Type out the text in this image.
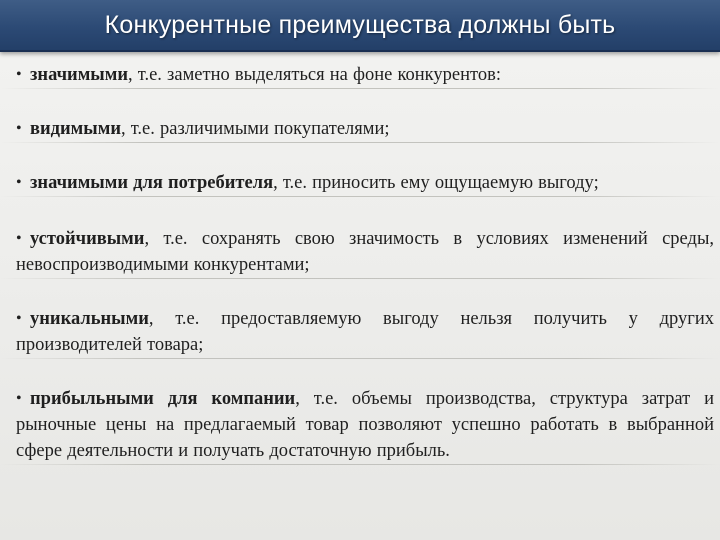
Конкурентные преимущества должны быть
• значимыми, т.е. заметно выделяться на фоне конкурентов:
• видимыми, т.е. различимыми покупателями;
• значимыми для потребителя, т.е. приносить ему ощущаемую выгоду;
• устойчивыми, т.е. сохранять свою значимость в условиях изменений среды, невоспроизводимыми конкурентами;
• уникальными, т.е. предоставляемую выгоду нельзя получить у других производителей товара;
• прибыльными для компании, т.е. объемы производства, структура затрат и рыночные цены на предлагаемый товар позволяют успешно работать в выбранной сфере деятельности и получать достаточную прибыль.
